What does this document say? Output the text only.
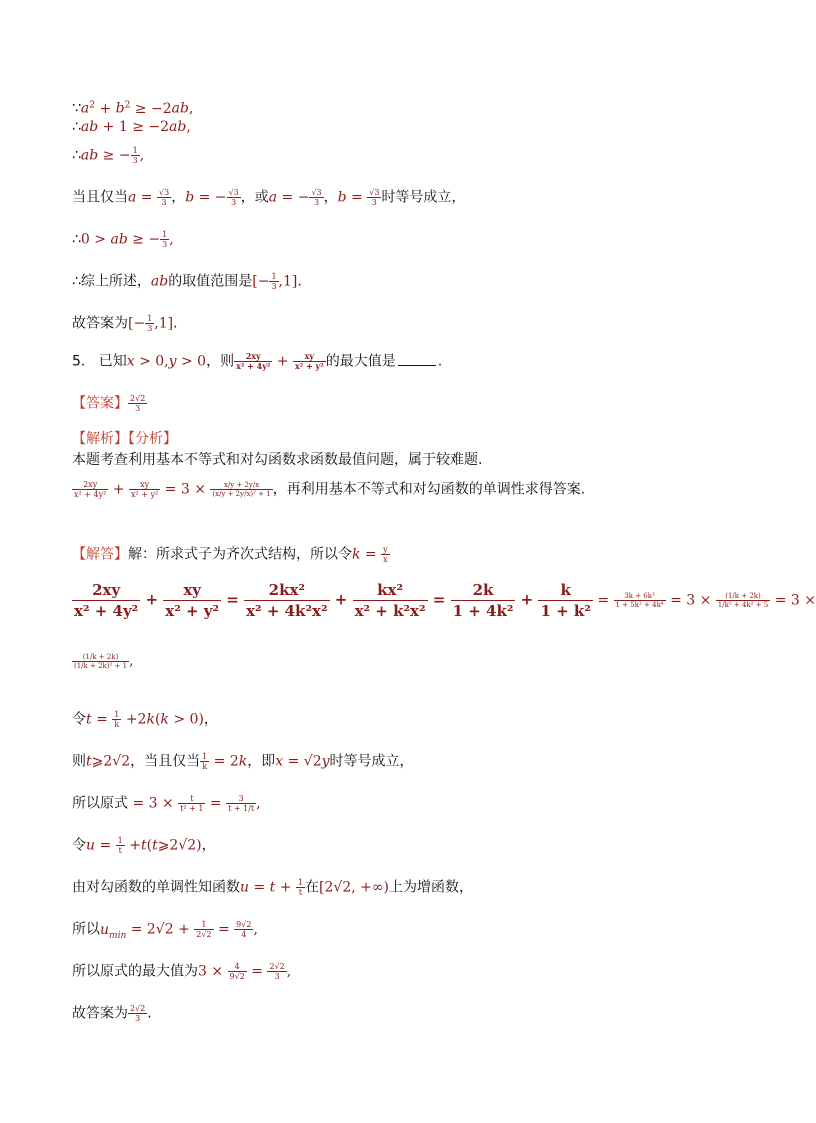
$\because a^2 + b^2 \ge -2ab$,
∴ab + 1 ≥ −2ab,
∴ab ≥ − $\frac{1}{3}$ ,
当且仅当$a = \frac{√3}{3}$ ，b = − $\frac{√3}{3}$ ，或a = − $\frac{√3}{3}$ ，$b = \frac{√3}{3}$ 时等号成立，
∴0 > ab ≥ − $\frac{1}{3}$ ,
∴综上所述，ab的取值范围是[− $\frac{1}{3} ,1$].
故答案为[− $\frac{1}{3} ,1$].
5.   已知x > 0,y > 0，则 $\frac{2xy}{\text{x² + 4y²}} + \frac{xy}{\text{x² + y²}}$ 的最大值是	.
【答案】 $\frac{2√2}{3}$
【解析】【分析】
本题考查利用基本不等式和对勾函数求函数最值问题，属于较难题.
$\frac{2xy}{\text{x² + 4y²}} + \frac{xy}{\text{x² + y²}} = 3 \times \frac{x/y + 2y/x}{\text{(x/y + 2y/x)² + 1}}$ ，再利用基本不等式和对勾函数的单调性求得答案.
【解答】解：所求式子为齐次式结构，所以令$k = \frac{y}{x}$
$\frac{2xy}{\text{x² + 4y²}} + \frac{xy}{\text{x² + y²}} = \frac{\text{2kx²}}{\text{x² + 4k²x²}} + \frac{\text{kx²}}{\text{x² + k²x²}} = \frac{2k}{\text{1 + 4k²}} + \frac{k}{\text{1 + k²}} = \frac{\text{3k + 6k³}}{\text{1 + 5k² + 4k⁴}} = 3 \times \frac{(1/k + 2k)}{\text{1/k² + 4k² + 5}} = 3$ ×
$\frac{(1/k + 2k)}{\text{(1/k + 2k)² + 1}}$ ,
令$t = \frac{1}{k} +2k(k > 0)$，
则t⩾2√2，当且仅当 $\frac{1}{k} = 2k$，即x = √2y时等号成立，
所以原式 = $3 \times \frac{t}{\text{t² + 1}} = \frac{3}{t + 1/t}$ ,
令$u = \frac{1}{t}$ +t(t⩾2√2)，
由对勾函数的单调性知函数$u = t + \frac{1}{t}$ 在[2√2, +∞)上为增函数，
所以$u_{min} = 2√2 + \frac{1}{2√2} = \frac{9√2}{4}$ ,
所以原式的最大值为$3 \times \frac{4}{9√2} = \frac{2√2}{3}$ ,
故答案为 $\frac{2√2}{3}$ .
